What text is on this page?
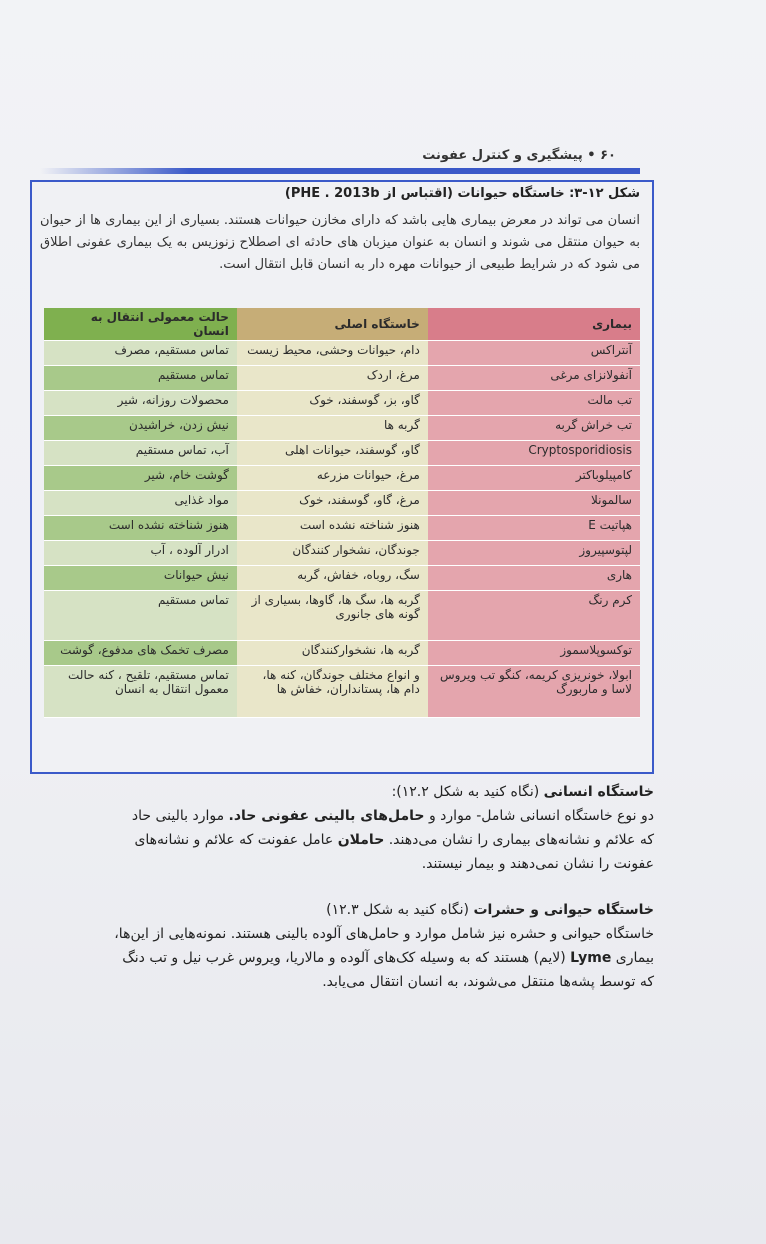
۶۰ • پیشگیری و کنترل عفونت
شکل ۱۲-۳: خاستگاه حیوانات (اقتباس از PHE . 2013b)
انسان می تواند در معرض بیماری هایی باشد که دارای مخازن حیوانات هستند. بسیاری از این بیماری ها از حیوان به حیوان منتقل می شوند و انسان به عنوان میزبان های حادثه ای اصطلاح زنوزیس به یک بیماری عفونی اطلاق می شود که در شرایط طبیعی از حیوانات مهره دار به انسان قابل انتقال است.
بیماری	خاستگاه اصلی	حالت معمولی انتقال به انسان
آنتراکس	دام، حیوانات وحشی، محیط زیست	تماس مستقیم، مصرف
آنفولانزای مرغی	مرغ، اردک	تماس مستقیم
تب مالت	گاو، بز، گوسفند، خوک	محصولات روزانه، شیر
تب خراش گربه	گربه ها	نیش زدن، خراشیدن
Cryptosporidiosis	گاو، گوسفند، حیوانات اهلی	آب، تماس مستقیم
کامپیلوباکتر	مرغ، حیوانات مزرعه	گوشت خام، شیر
سالمونلا	مرغ، گاو، گوسفند، خوک	مواد غذایی
هپاتیت E	هنوز شناخته نشده است	هنوز شناخته نشده است
لپتوسپیروز	جوندگان، نشخوار کنندگان	ادرار آلوده ، آب
هاری	سگ، روباه، خفاش، گربه	نیش حیوانات
کرم رنگ	گربه ها، سگ ها، گاوها، بسیاری از گونه های جانوری	تماس مستقیم
توکسوپلاسموز	گربه ها، نشخوارکنندگان	مصرف تخمک های مدفوع، گوشت
ابولا، خونریزی کریمه، کنگو تب ویروس لاسا و ماربورگ	و انواع مختلف جوندگان، کنه ها، دام ها، پستانداران، خفاش ها	تماس مستقیم، تلقیح ، کنه حالت معمول انتقال به انسان
خاستگاه انسانی (نگاه کنید به شکل ۱۲.۲):
دو نوع خاستگاه انسانی شامل- موارد و حامل‌های بالینی عفونی حاد. موارد بالینی حاد که علائم و نشانه‌های بیماری را نشان می‌دهند. حاملان عامل عفونت که علائم و نشانه‌های عفونت را نشان نمی‌دهند و بیمار نیستند.
خاستگاه حیوانی و حشرات (نگاه کنید به شکل ۱۲.۳)
خاستگاه حیوانی و حشره نیز شامل موارد و حامل‌های آلوده بالینی هستند. نمونه‌هایی از این‌ها، بیماری Lyme (لایم) هستند که به وسیله کک‌های آلوده و مالاریا، ویروس غرب نیل و تب دنگ که توسط پشه‌ها منتقل می‌شوند، به انسان انتقال می‌یابد.
